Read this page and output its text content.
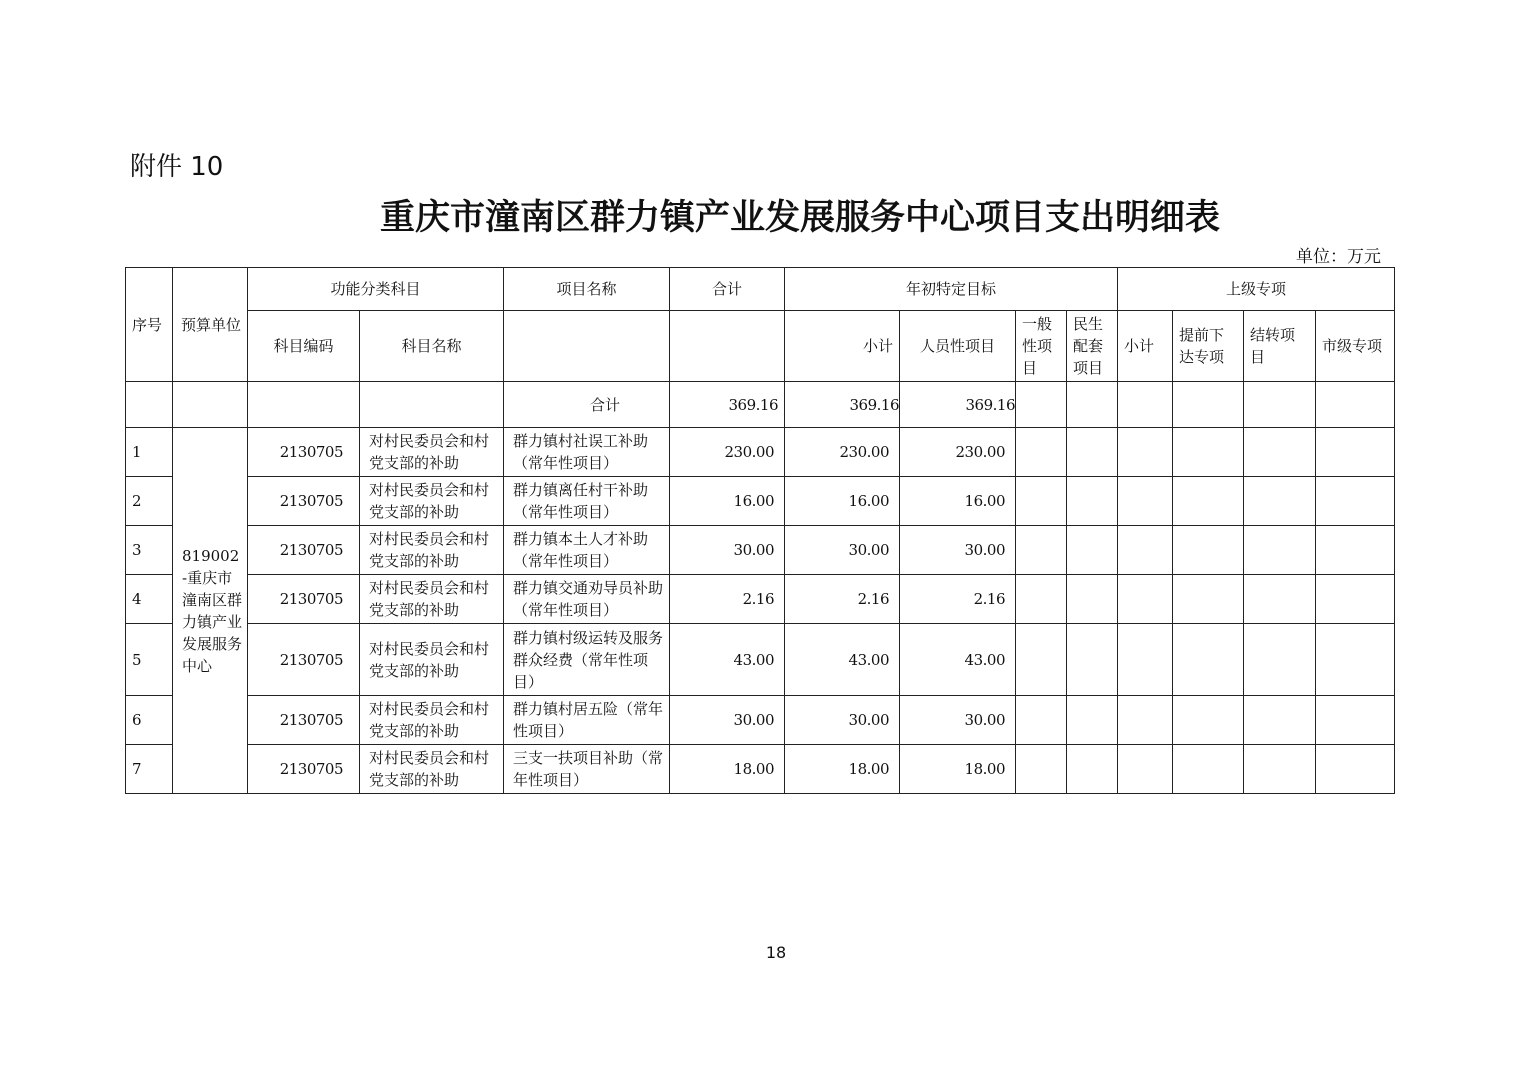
附件 10
重庆市潼南区群力镇产业发展服务中心项目支出明细表
单位：万元
序号	预算单位	功能分类科目		项目名称	合计	年初特定目标				上级专项			
		科目编码	科目名称			小计	人员性项目	一般性项目	民生配套项目	小计	提前下达专项	结转项目	市级专项
				合计	369.16	369.16	369.16						
1	819002-重庆市潼南区群力镇产业发展服务中心	2130705	对村民委员会和村党支部的补助	群力镇村社误工补助（常年性项目）	230.00	230.00	230.00						
2		2130705	对村民委员会和村党支部的补助	群力镇离任村干补助（常年性项目）	16.00	16.00	16.00						
3		2130705	对村民委员会和村党支部的补助	群力镇本土人才补助（常年性项目）	30.00	30.00	30.00						
4		2130705	对村民委员会和村党支部的补助	群力镇交通劝导员补助（常年性项目）	2.16	2.16	2.16						
5		2130705	对村民委员会和村党支部的补助	群力镇村级运转及服务群众经费（常年性项目）	43.00	43.00	43.00						
6		2130705	对村民委员会和村党支部的补助	群力镇村居五险（常年性项目）	30.00	30.00	30.00						
7		2130705	对村民委员会和村党支部的补助	三支一扶项目补助（常年性项目）	18.00	18.00	18.00						
18
